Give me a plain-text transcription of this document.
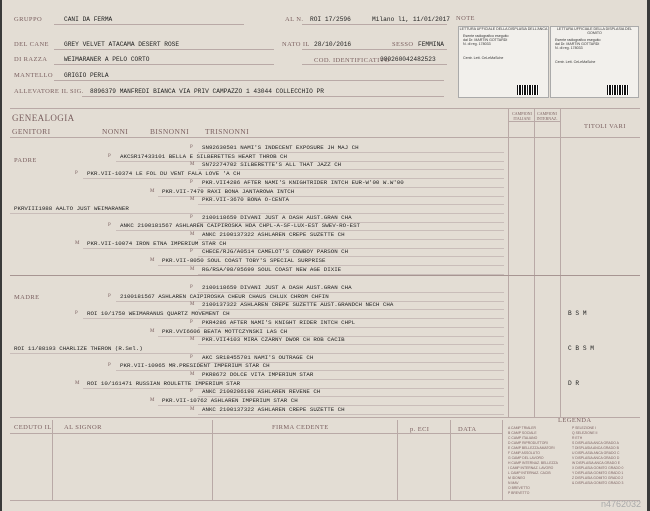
GRUPPO	CANI DA FERMA	AL N. ROI 17/2596	Milano li, 11/01/2017 NOTE
DEL CANE GREY VELVET ATACAMA DESERT ROSE	NATO IL 28/10/2016	SESSO FEMMINA
DI RAZZA	WEIMARANER A PELO CORTO	COD. IDENTIFICATIVO
380260042482523
MANTELLO GRIGIO PERLA
ALLEVATORE IL SIG. 8896379 MANFREDI BIANCA VIA PRIV CAMPAZZO 1 43044 COLLECCHIO PR
LETTURA UFFICIALE DELLA DISPLASIA DELL'ANCA
Esente radiografico eseguito
dal Dr. MARTIN GOTTARDI
N. di reg. 178033
Centr. Lett. CeLeMaSche
LETTURA UFFICIALE DELLA DISPLASIA DEL GOMITO
Esente radiografico eseguito
dal Dr. MARTIN GOTTARDI
N. di reg. 178033
Centr. Lett. CeLeMaSche
GENEALOGIA
GENITORI	NONNI	BISNONNI TRISNONNI
CAMPIONI ITALIANI
CAMPIONI INTERNAZ.
TITOLI VARI
PADRE
MADRE
P SN92630501 NAMI'S INDECENT EXPOSURE JH MAJ CH
P AKCSR17433101 BELLA E SILBERETTES HEART THROB CH
M SN72274702 SILBERETTE'S ALL THAT JAZZ CH
P PKR.VII-10374 LE FOL DU VENT FALA LOVE 'A CH
P PKR.VII4286 AFTER NAMI'S KNIGHTRIDER INTCH EUR-W'00 W.W'00
M PKR.VII-7479 RAXI BONA JANTAROWA INTCH
M PKR.VII-3670 BONA O-CENTA
PKRVIII1988 AALTO JUST WEIMARANER
P 2100118659 DIVANI JUST A DASH AUST.GRAN CHA
P ANKC 2100181567 ASHLAREN CAIPIROSKA HDA CHPL-A-SF-LUX-EST SWEV-RO-EST
M ANKC 2100137322 ASHLAREN CREPE SUZETTE CH
M PKR.VII-10074 IRON ETNA IMPERIUM STAR CH
P CHECE/RJG/A0514 CAMELOT'S COWBOY PARSON CH
M PKR.VII-8050 SOUL COAST TOBY'S SPECIAL SURPRISE
M RG/RSA/98/05699 SOUL COAST NEW AGE DIXIE
P 2100118659 DIVANI JUST A DASH AUST.GRAN CHA
P 2100181567 ASHLAREN CAIPIROSKA CHEUR CHAUS CHLUX CHROM CHFIN
M 2100137322 ASHLAREN CREPE SUZETTE AUST.GRANDCH NECH CHA
P ROI 10/1750 WEIMARANUS QUARTZ MOVEMENT CH	B S M
P PKR4286 AFTER NAMI'S KNIGHT RIDER INTCH CHPL
M PKR.VVI6606 BEATA MOTTCZYNSKI LAS CH
M PKR.VII4103 MIRA CZARNY DWOR CH ROB CACIB
ROI 11/88193 CHARLIZE THERON (R.Sel.)	C B S M
P AKC SR18455701 NAMI'S OUTRAGE CH
P PKR.VII-10965 MR.PRESIDENT IMPERIUM STAR CH
M PKR8672 DOLCE VITA IMPERIUM STAR
M ROI 10/161471 RUSSIAN ROULETTE IMPERIUM STAR	D R
P ANKC 2100206198 ASHLAREN REVENE CH
M PKR.VII-10762 ASHLAREN IMPERIUM STAR CH
M ANKC 2100137322 ASHLAREN CREPE SUZETTE CH
CEDUTO IL AL SIGNOR	FIRMA CEDENTE	p. ECI	DATA
LEGENDA
A CAMP TRIALER
B CAMP SOCIALE
C CAMP ITALIANO
D CAMP RIPRODUTTORI
E CAMP BELLEZZA AMATORI
F CAMP ASSOLUTO
G CAMP DEL LAVORO
H CAMP INTERNAZ. BELLEZZA
I CAMP INTERNAZ. LAVORO
L CAMP INTERNAZ. CACIB
M IDONEO
N MAV
O BREVETTO
P BREVETTO
P SELEZIONE I
Q SELEZIONE II
R ETH
S DISPLASIA ANCA GRADO A
T DISPLASIA ANCA GRADO B
U DISPLASIA ANCA GRADO C
V DISPLASIA ANCA GRADO D
W DISPLASIA ANCA GRADO E
X DISPLASIA GOMITO GRADO 0
Y DISPLASIA GOMITO GRADO 1
Z DISPLASIA GOMITO GRADO 2
& DISPLASIA GOMITO GRADO 3
n4762032
